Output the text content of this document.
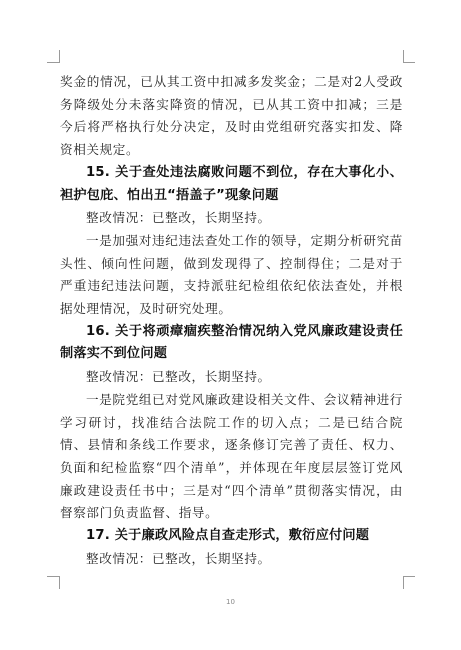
奖金的情况，已从其工资中扣减多发奖金；二是对2人受政务降级处分未落实降资的情况，已从其工资中扣减；三是今后将严格执行处分决定，及时由党组研究落实扣发、降资相关规定。

15. 关于查处违法腐败问题不到位，存在大事化小、袒护包庇、怕出丑“捂盖子”现象问题

整改情况：已整改，长期坚持。

一是加强对违纪违法查处工作的领导，定期分析研究苗头性、倾向性问题，做到发现得了、控制得住；二是对于严重违纪违法问题，支持派驻纪检组依纪依法查处，并根据处理情况，及时研究处理。

16. 关于将顽瘴痼疾整治情况纳入党风廉政建设责任制落实不到位问题

整改情况：已整改，长期坚持。

一是院党组已对党风廉政建设相关文件、会议精神进行学习研讨，找准结合法院工作的切入点；二是已结合院情、县情和条线工作要求，逐条修订完善了责任、权力、负面和纪检监察“四个清单”，并体现在年度层层签订党风廉政建设责任书中；三是对“四个清单”贯彻落实情况，由督察部门负责监督、指导。

17. 关于廉政风险点自查走形式，敷衍应付问题

整改情况：已整改，长期坚持。

10
